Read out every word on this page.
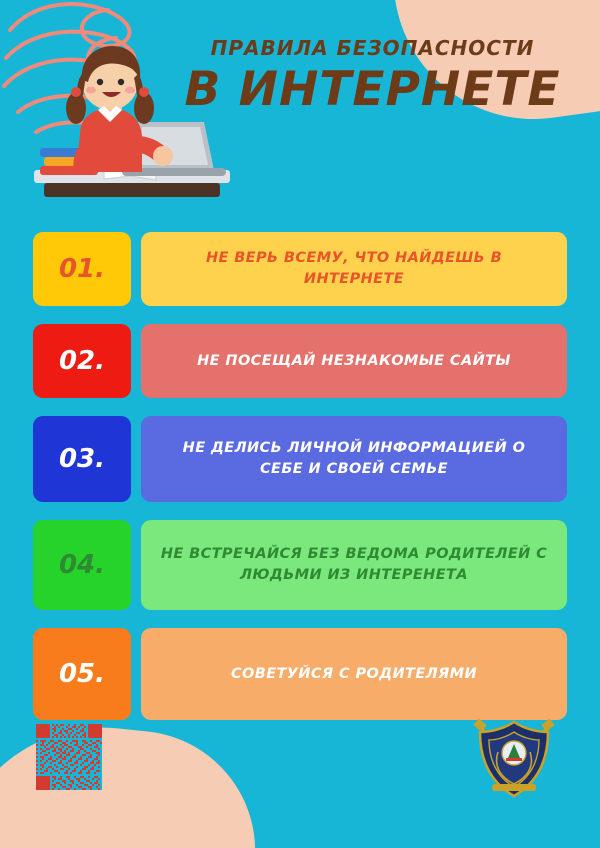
ПРАВИЛА БЕЗОПАСНОСТИ
В ИНТЕРНЕТЕ
01.	НЕ ВЕРЬ ВСЕМУ, ЧТО НАЙДЕШЬ В ИНТЕРНЕТЕ
02.	НЕ ПОСЕЩАЙ НЕЗНАКОМЫЕ САЙТЫ
03.	НЕ ДЕЛИСЬ ЛИЧНОЙ ИНФОРМАЦИЕЙ О СЕБЕ И СВОЕЙ СЕМЬЕ
04.	НЕ ВСТРЕЧАЙСЯ БЕЗ ВЕДОМА РОДИТЕЛЕЙ С ЛЮДЬМИ ИЗ ИНТЕРЕНЕТА
05.	СОВЕТУЙСЯ С РОДИТЕЛЯМИ
